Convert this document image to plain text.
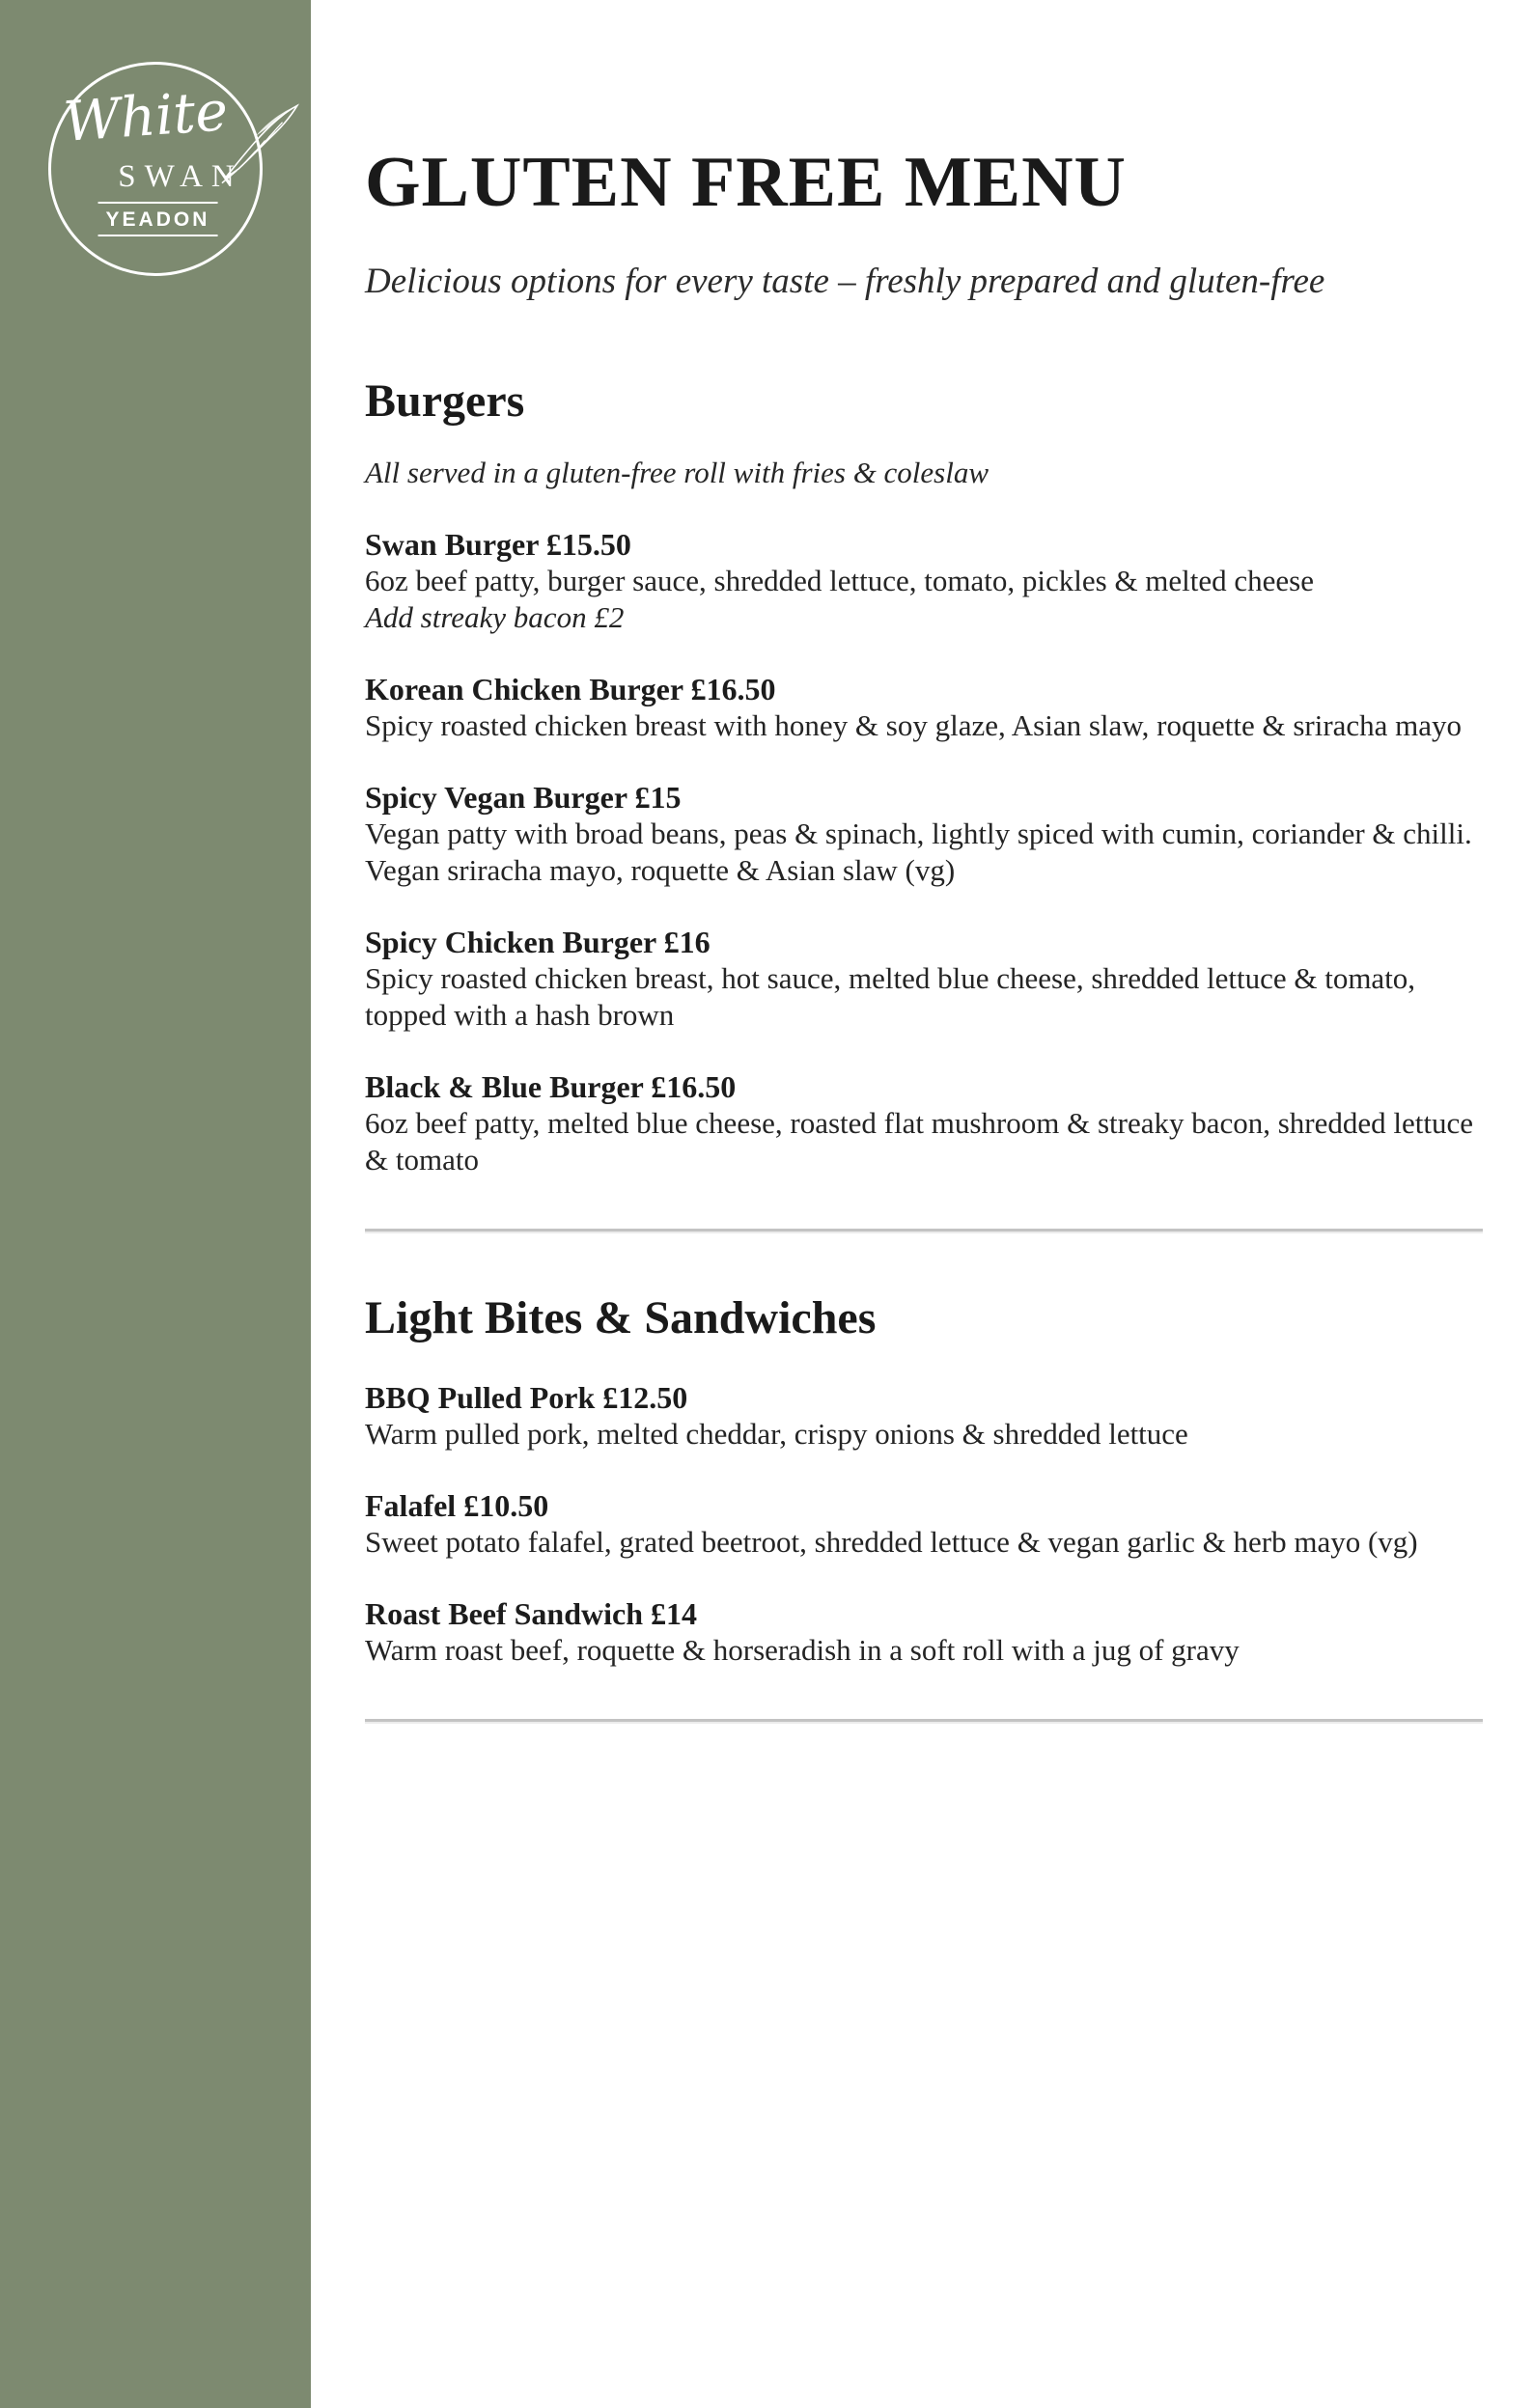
White
SWAN
YEADON GLUTEN FREE MENU
Delicious options for every taste – freshly prepared and gluten-free
Burgers
All served in a gluten-free roll with fries & coleslaw
Swan Burger £15.50
6oz beef patty, burger sauce, shredded lettuce, tomato, pickles & melted cheese
Add streaky bacon £2
Korean Chicken Burger £16.50
Spicy roasted chicken breast with honey & soy glaze, Asian slaw, roquette & sriracha mayo
Spicy Vegan Burger £15
Vegan patty with broad beans, peas & spinach, lightly spiced with cumin, coriander & chilli. Vegan sriracha mayo, roquette & Asian slaw (vg)
Spicy Chicken Burger £16
Spicy roasted chicken breast, hot sauce, melted blue cheese, shredded lettuce & tomato, topped with a hash brown
Black & Blue Burger £16.50
6oz beef patty, melted blue cheese, roasted flat mushroom & streaky bacon, shredded lettuce & tomato
Light Bites & Sandwiches
BBQ Pulled Pork £12.50
Warm pulled pork, melted cheddar, crispy onions & shredded lettuce
Falafel £10.50
Sweet potato falafel, grated beetroot, shredded lettuce & vegan garlic & herb mayo (vg)
Roast Beef Sandwich £14
Warm roast beef, roquette & horseradish in a soft roll with a jug of gravy
